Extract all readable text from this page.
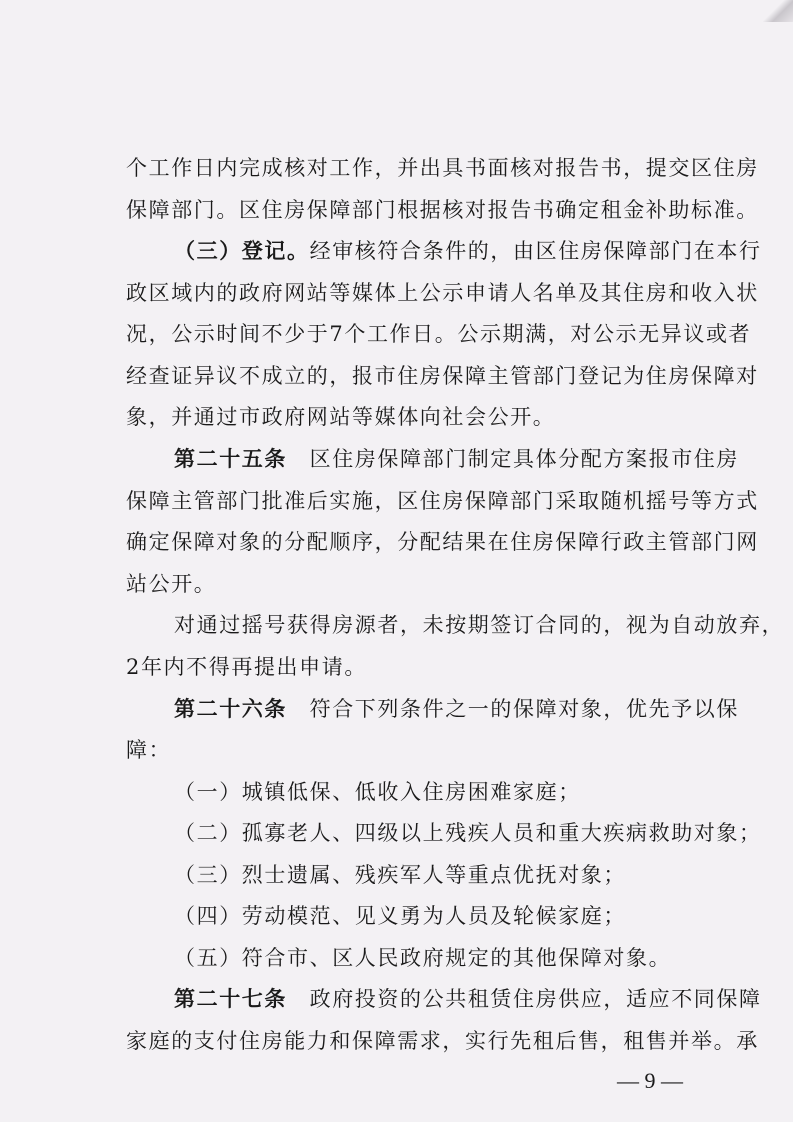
个工作日内完成核对工作，并出具书面核对报告书，提交区住房
保障部门。区住房保障部门根据核对报告书确定租金补助标准。
（三）登记。经审核符合条件的，由区住房保障部门在本行
政区域内的政府网站等媒体上公示申请人名单及其住房和收入状
况，公示时间不少于7个工作日。公示期满，对公示无异议或者
经查证异议不成立的，报市住房保障主管部门登记为住房保障对
象，并通过市政府网站等媒体向社会公开。
第二十五条　区住房保障部门制定具体分配方案报市住房
保障主管部门批准后实施，区住房保障部门采取随机摇号等方式
确定保障对象的分配顺序，分配结果在住房保障行政主管部门网
站公开。
对通过摇号获得房源者，未按期签订合同的，视为自动放弃，
2年内不得再提出申请。
第二十六条　符合下列条件之一的保障对象，优先予以保
障：
（一）城镇低保、低收入住房困难家庭；
（二）孤寡老人、四级以上残疾人员和重大疾病救助对象；
（三）烈士遗属、残疾军人等重点优抚对象；
（四）劳动模范、见义勇为人员及轮候家庭；
（五）符合市、区人民政府规定的其他保障对象。
第二十七条　政府投资的公共租赁住房供应，适应不同保障
家庭的支付住房能力和保障需求，实行先租后售，租售并举。承
— 9 —
